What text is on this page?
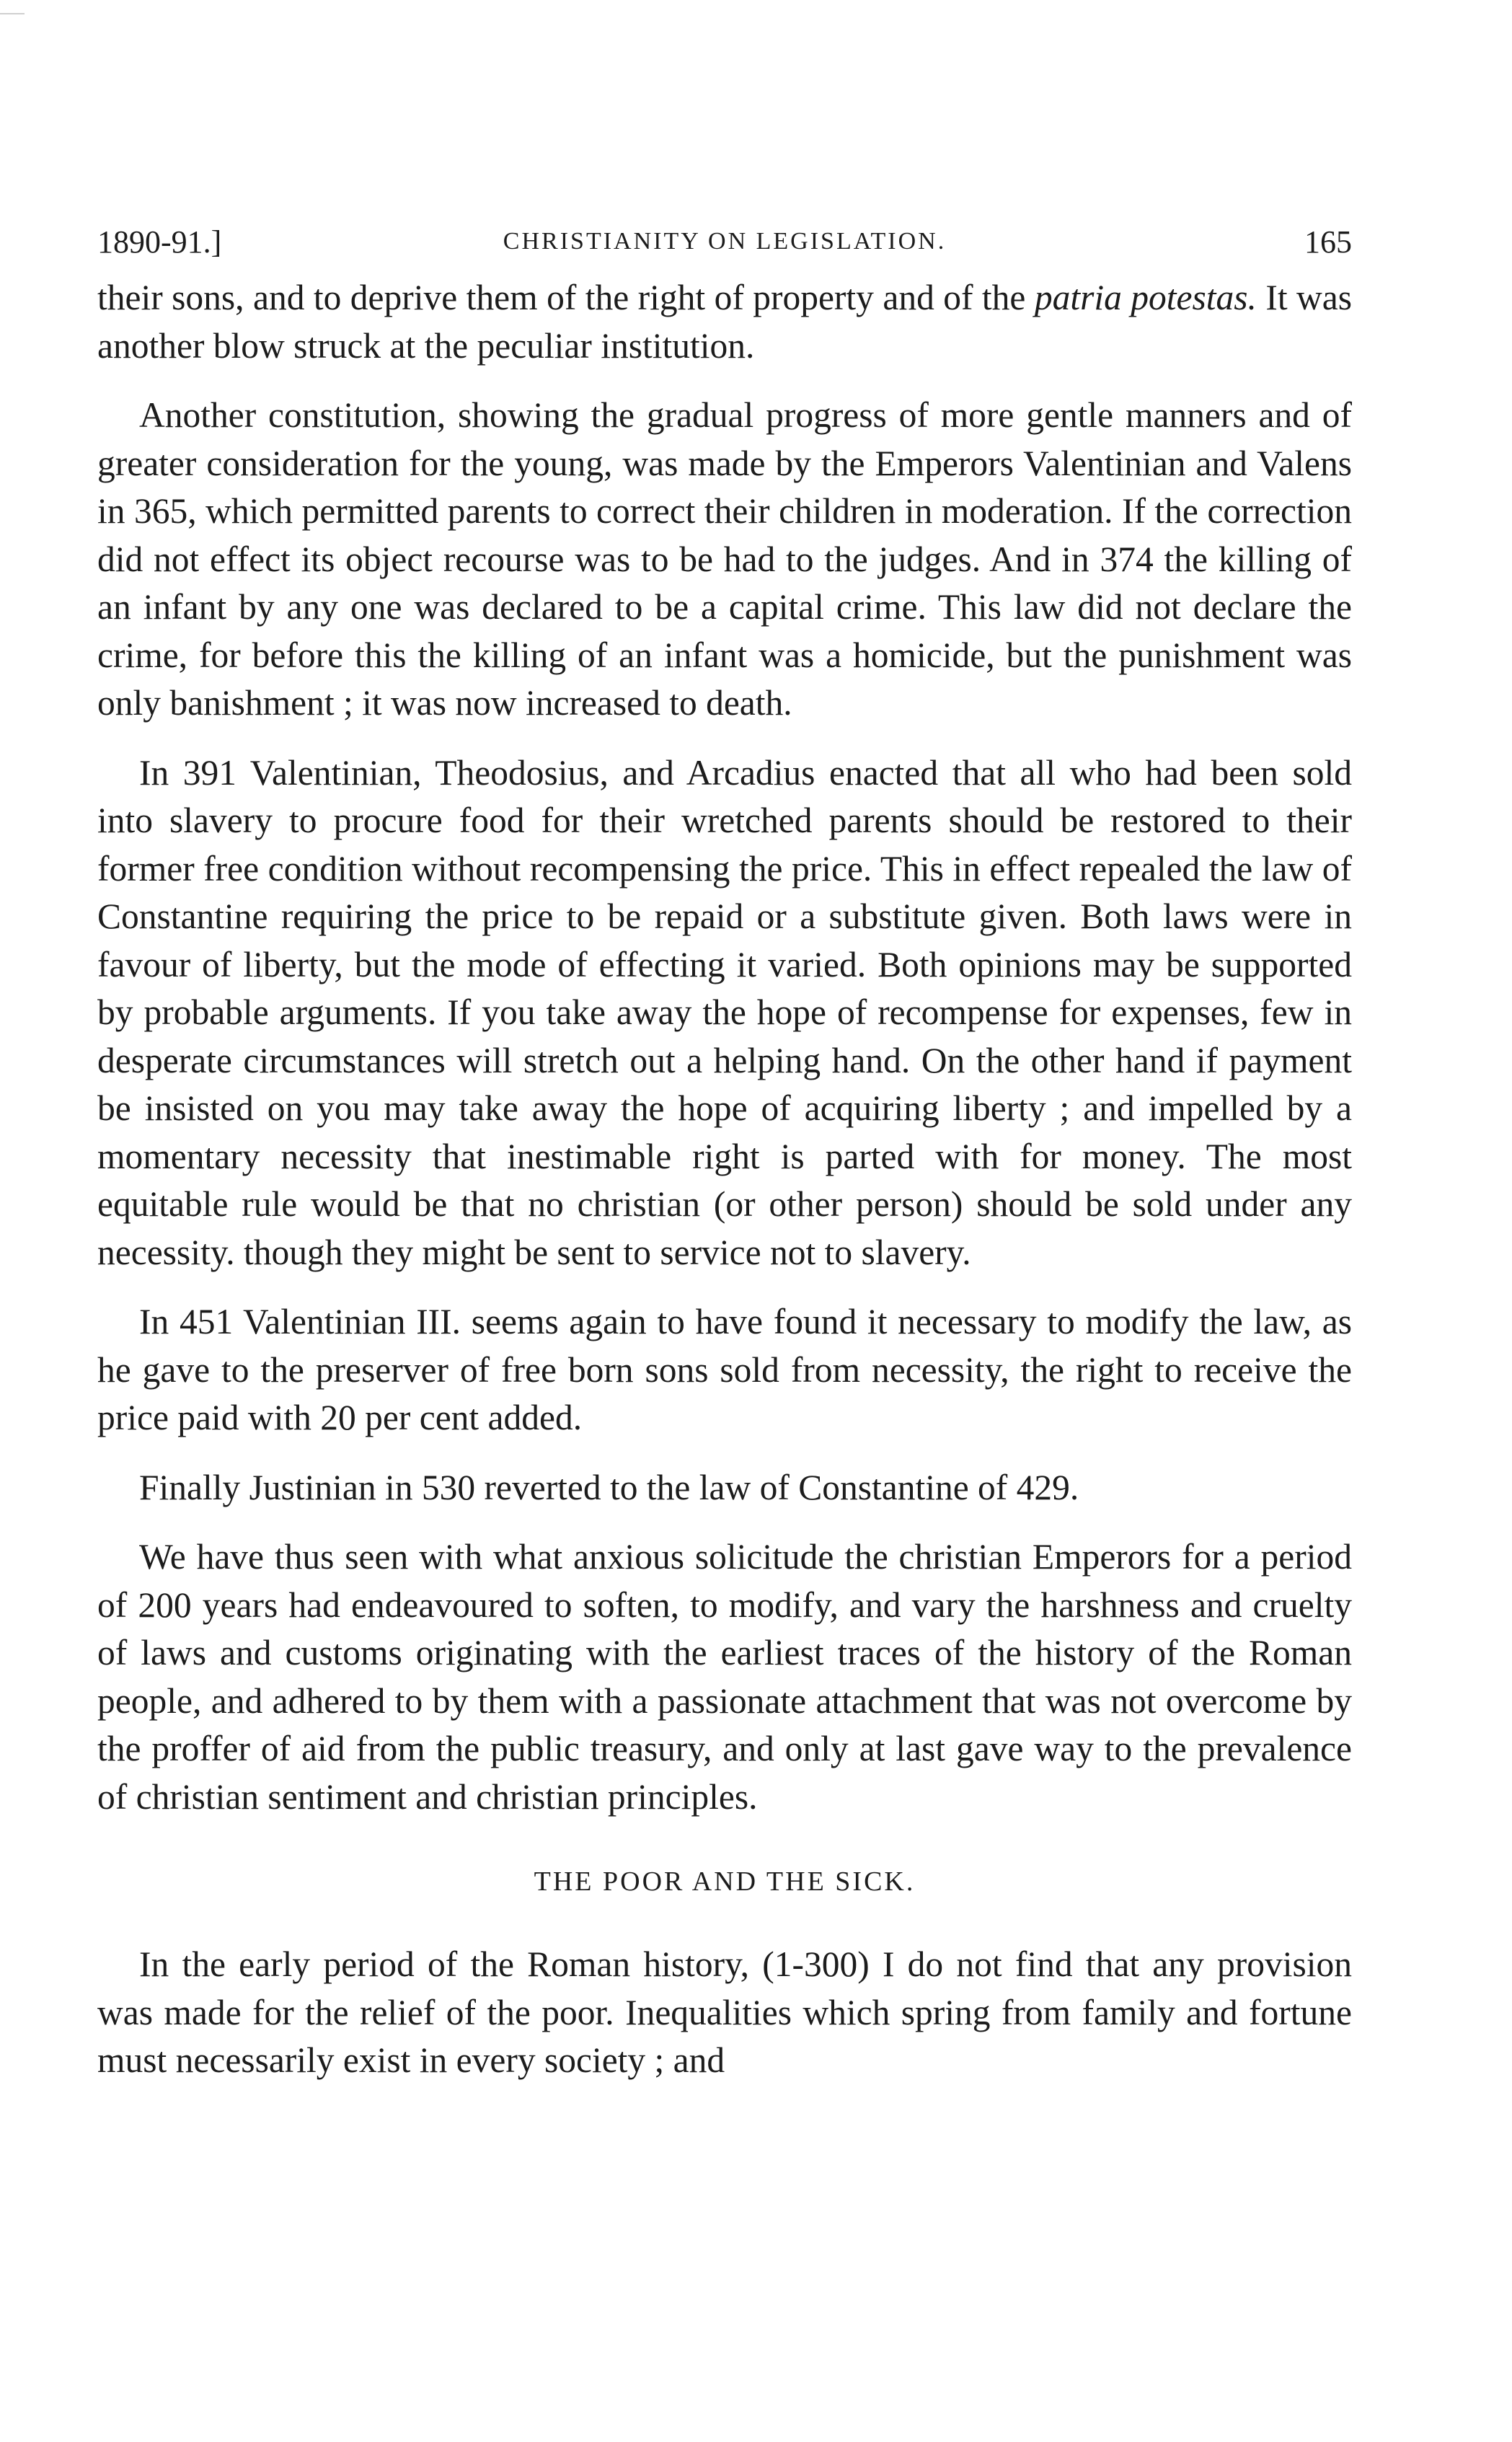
1890-91.]	CHRISTIANITY ON LEGISLATION.	165

their sons, and to deprive them of the right of property and of the patria potestas. It was another blow struck at the peculiar institution.

Another constitution, showing the gradual progress of more gentle manners and of greater consideration for the young, was made by the Emperors Valentinian and Valens in 365, which permitted parents to correct their children in moderation. If the correction did not effect its object recourse was to be had to the judges. And in 374 the killing of an infant by any one was declared to be a capital crime. This law did not declare the crime, for before this the killing of an infant was a homicide, but the punishment was only banishment ; it was now increased to death.

In 391 Valentinian, Theodosius, and Arcadius enacted that all who had been sold into slavery to procure food for their wretched parents should be restored to their former free condition without recompensing the price. This in effect repealed the law of Constantine requiring the price to be repaid or a substitute given. Both laws were in favour of liberty, but the mode of effecting it varied. Both opinions may be supported by probable arguments. If you take away the hope of recompense for expenses, few in desperate circumstances will stretch out a helping hand. On the other hand if payment be insisted on you may take away the hope of acquiring liberty ; and impelled by a momentary necessity that inestimable right is parted with for money. The most equitable rule would be that no christian (or other person) should be sold under any necessity. though they might be sent to service not to slavery.

In 451 Valentinian III. seems again to have found it necessary to modify the law, as he gave to the preserver of free born sons sold from necessity, the right to receive the price paid with 20 per cent added.

Finally Justinian in 530 reverted to the law of Constantine of 429.

We have thus seen with what anxious solicitude the christian Emperors for a period of 200 years had endeavoured to soften, to modify, and vary the harshness and cruelty of laws and customs originating with the earliest traces of the history of the Roman people, and adhered to by them with a passionate attachment that was not overcome by the proffer of aid from the public treasury, and only at last gave way to the prevalence of christian sentiment and christian principles.

THE POOR AND THE SICK.

In the early period of the Roman history, (1-300) I do not find that any provision was made for the relief of the poor. Inequalities which spring from family and fortune must necessarily exist in every society ; and
